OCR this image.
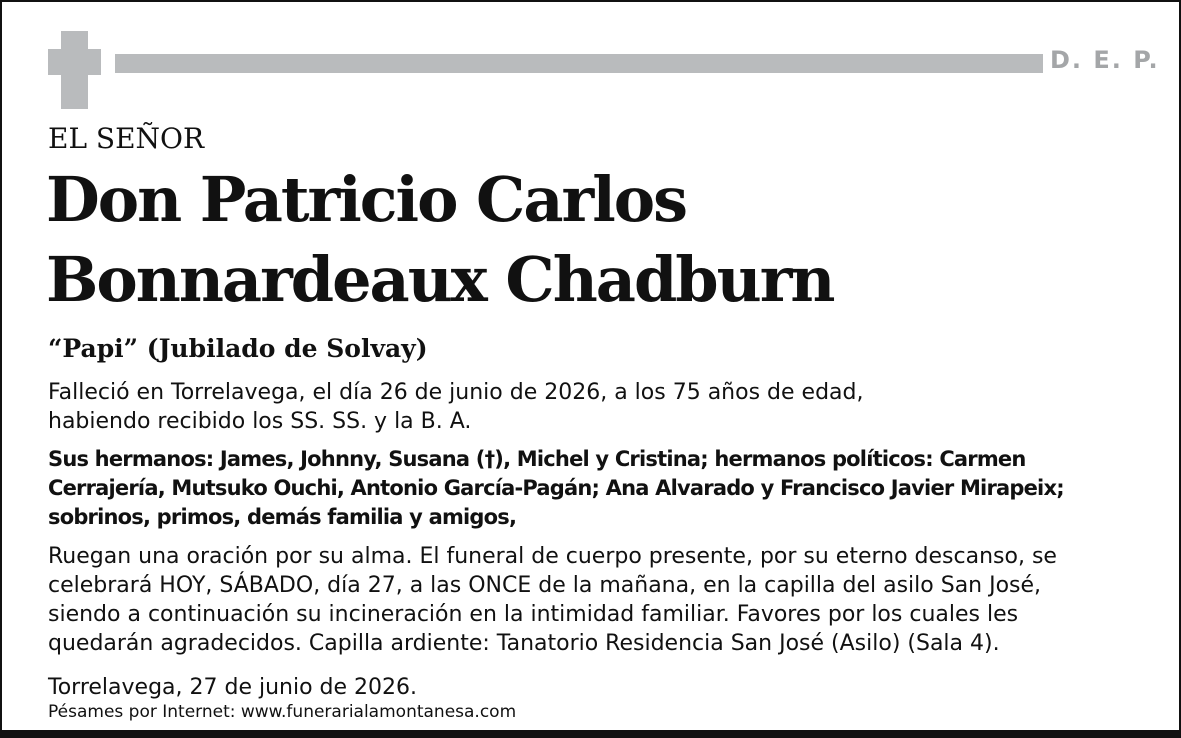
D. E. P.
EL SEÑOR
Don Patricio Carlos
Bonnardeaux Chadburn
“Papi” (Jubilado de Solvay)

Falleció en Torrelavega, el día 26 de junio de 2026, a los 75 años de edad,
habiendo recibido los SS. SS. y la B. A.

Sus hermanos: James, Johnny, Susana (†), Michel y Cristina; hermanos políticos: Carmen
Cerrajería, Mutsuko Ouchi, Antonio García-Pagán; Ana Alvarado y Francisco Javier Mirapeix;
sobrinos, primos, demás familia y amigos,

Ruegan una oración por su alma. El funeral de cuerpo presente, por su eterno descanso, se
celebrará HOY, SÁBADO, día 27, a las ONCE de la mañana, en la capilla del asilo San José,
siendo a continuación su incineración en la intimidad familiar. Favores por los cuales les
quedarán agradecidos. Capilla ardiente: Tanatorio Residencia San José (Asilo) (Sala 4).

Torrelavega, 27 de junio de 2026.

Pésames por Internet: www.funerarialamontanesa.com
